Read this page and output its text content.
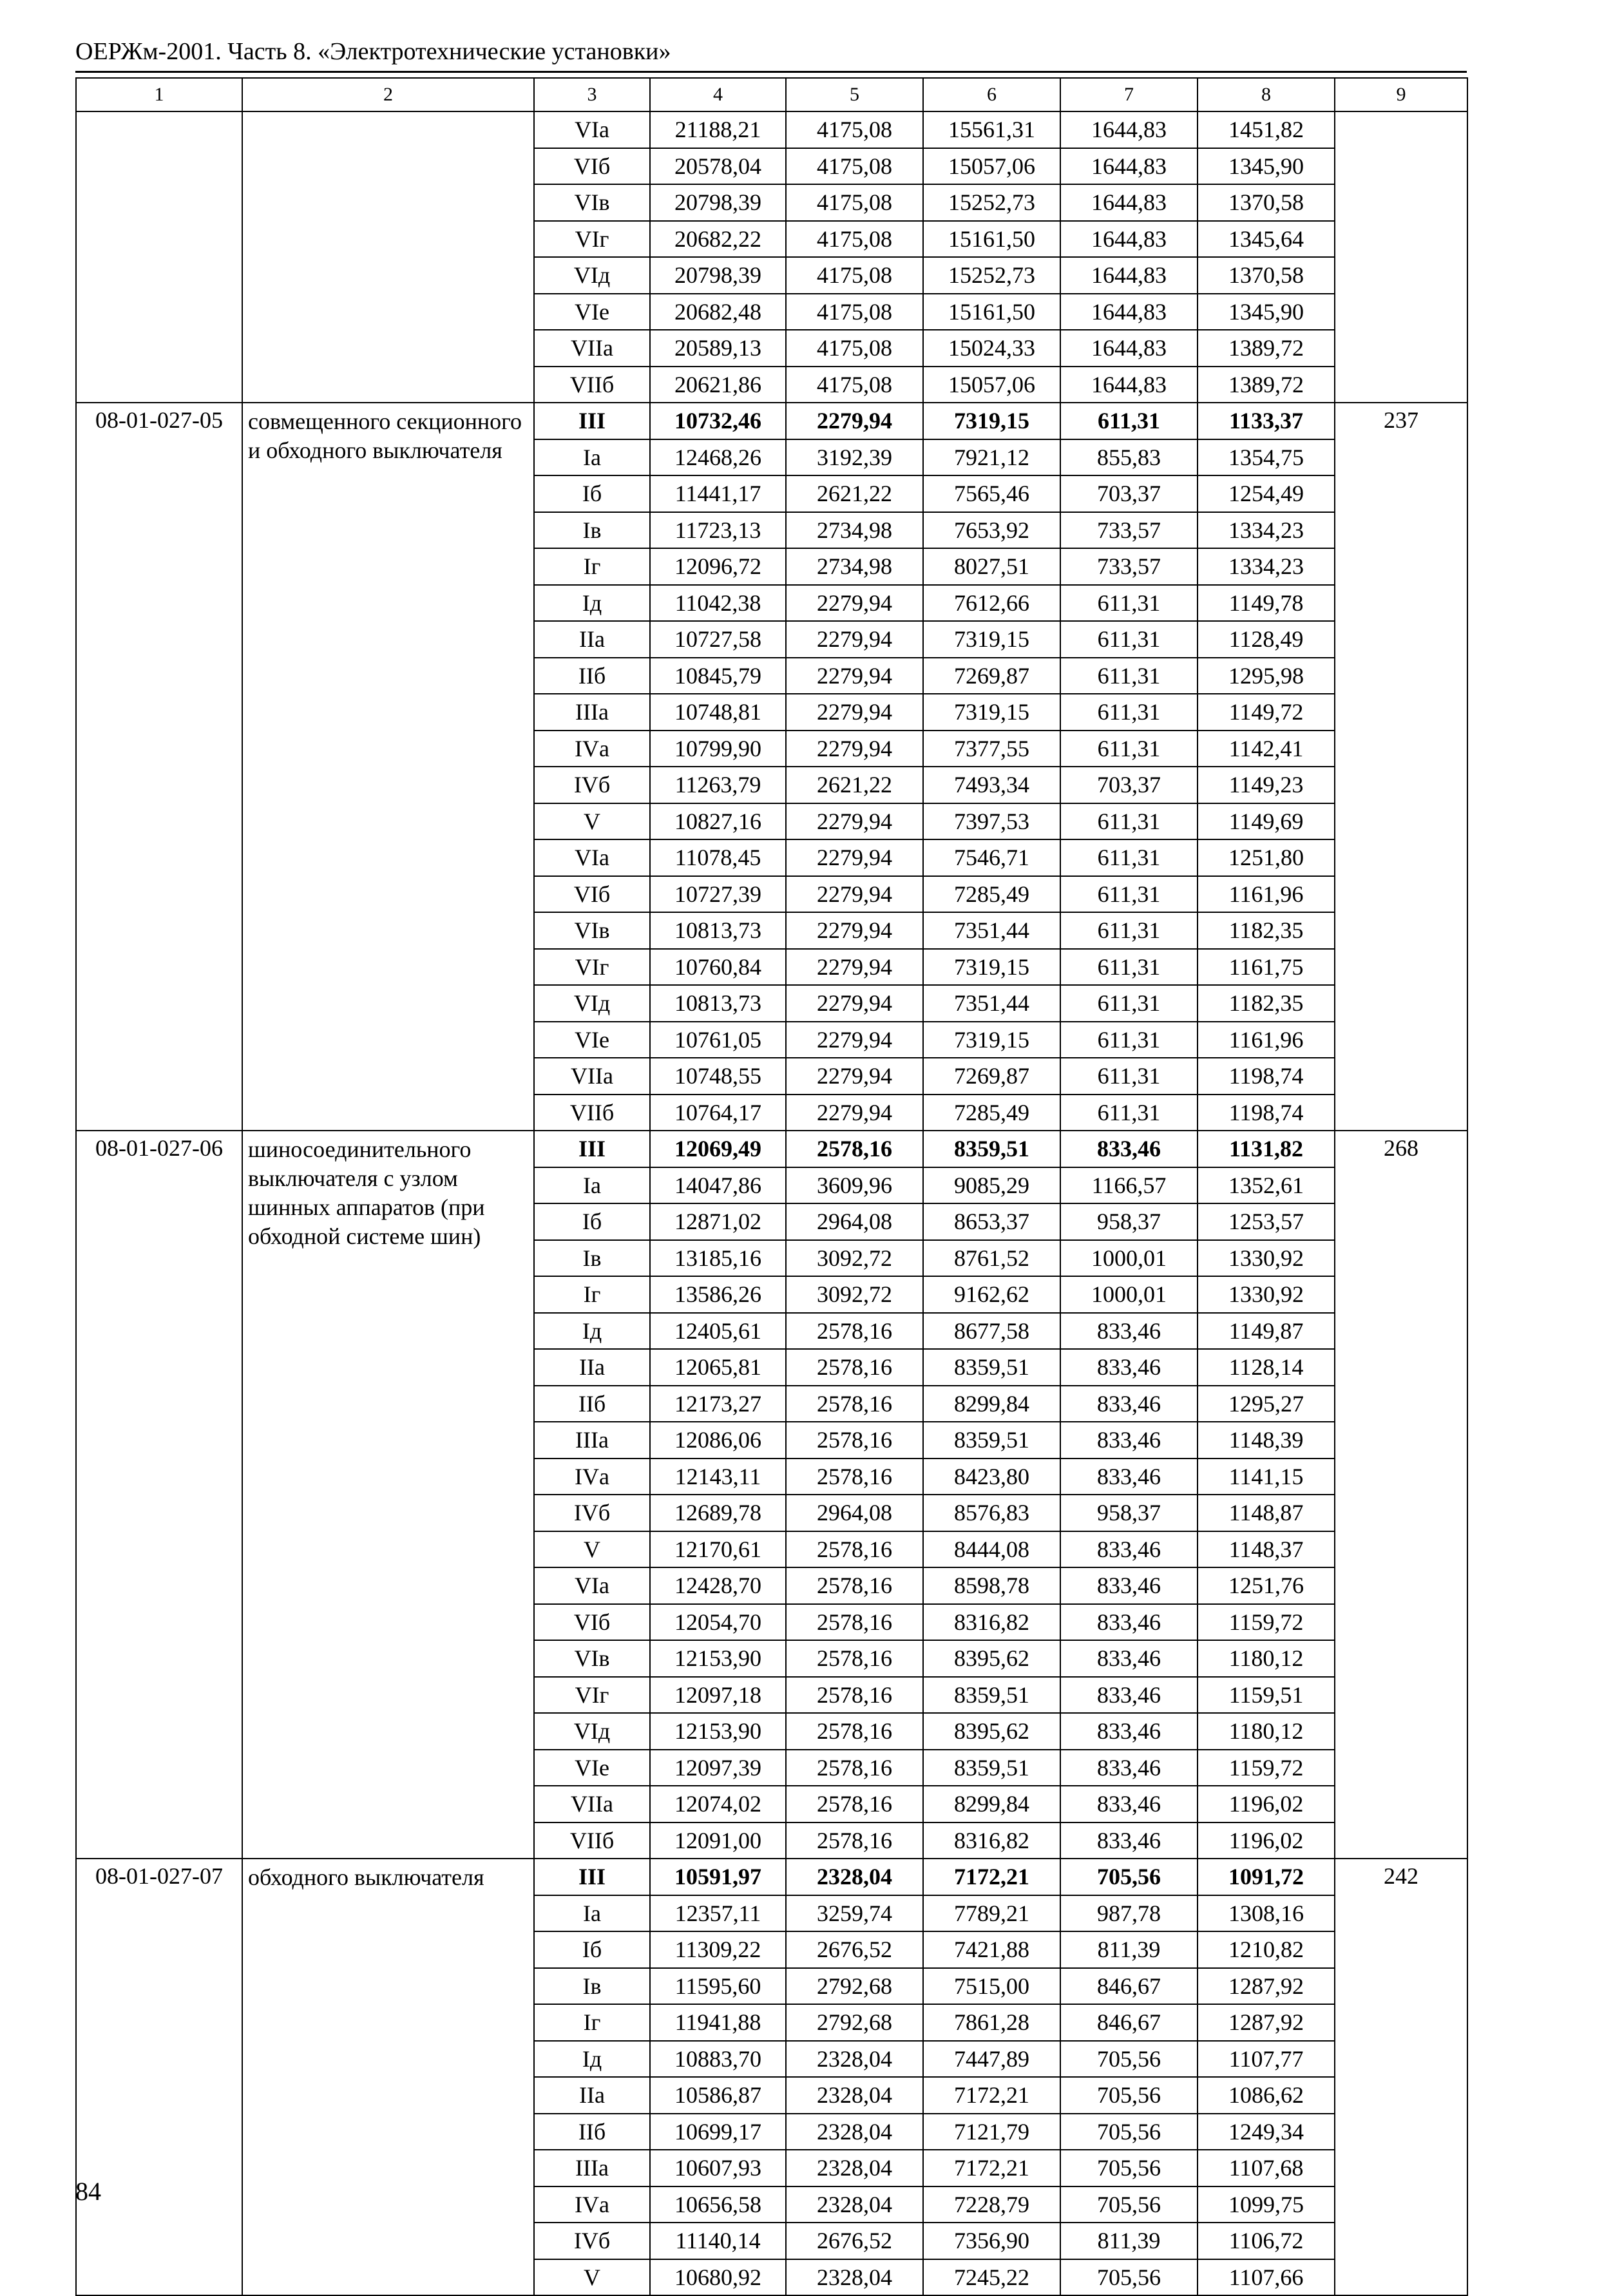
ОЕРЖм-2001. Часть 8. «Электротехнические установки»
1	2	3	4	5	6	7	8	9
		VIа	21188,21	4175,08	15561,31	1644,83	1451,82	
		VIб	20578,04	4175,08	15057,06	1644,83	1345,90	
		VIв	20798,39	4175,08	15252,73	1644,83	1370,58	
		VIг	20682,22	4175,08	15161,50	1644,83	1345,64	
		VIд	20798,39	4175,08	15252,73	1644,83	1370,58	
		VIе	20682,48	4175,08	15161,50	1644,83	1345,90	
		VIIа	20589,13	4175,08	15024,33	1644,83	1389,72	
		VIIб	20621,86	4175,08	15057,06	1644,83	1389,72	
08-01-027-05	совмещенного секционного и обходного выключателя	III	10732,46	2279,94	7319,15	611,31	1133,37	237
		Iа	12468,26	3192,39	7921,12	855,83	1354,75	
		Iб	11441,17	2621,22	7565,46	703,37	1254,49	
		Iв	11723,13	2734,98	7653,92	733,57	1334,23	
		Iг	12096,72	2734,98	8027,51	733,57	1334,23	
		Iд	11042,38	2279,94	7612,66	611,31	1149,78	
		IIа	10727,58	2279,94	7319,15	611,31	1128,49	
		IIб	10845,79	2279,94	7269,87	611,31	1295,98	
		IIIа	10748,81	2279,94	7319,15	611,31	1149,72	
		IVа	10799,90	2279,94	7377,55	611,31	1142,41	
		IVб	11263,79	2621,22	7493,34	703,37	1149,23	
		V	10827,16	2279,94	7397,53	611,31	1149,69	
		VIа	11078,45	2279,94	7546,71	611,31	1251,80	
		VIб	10727,39	2279,94	7285,49	611,31	1161,96	
		VIв	10813,73	2279,94	7351,44	611,31	1182,35	
		VIг	10760,84	2279,94	7319,15	611,31	1161,75	
		VIд	10813,73	2279,94	7351,44	611,31	1182,35	
		VIе	10761,05	2279,94	7319,15	611,31	1161,96	
		VIIа	10748,55	2279,94	7269,87	611,31	1198,74	
		VIIб	10764,17	2279,94	7285,49	611,31	1198,74	
08-01-027-06	шиносоединительного выключателя с узлом шинных аппаратов (при обходной системе шин)	III	12069,49	2578,16	8359,51	833,46	1131,82	268
		Iа	14047,86	3609,96	9085,29	1166,57	1352,61	
		Iб	12871,02	2964,08	8653,37	958,37	1253,57	
		Iв	13185,16	3092,72	8761,52	1000,01	1330,92	
		Iг	13586,26	3092,72	9162,62	1000,01	1330,92	
		Iд	12405,61	2578,16	8677,58	833,46	1149,87	
		IIа	12065,81	2578,16	8359,51	833,46	1128,14	
		IIб	12173,27	2578,16	8299,84	833,46	1295,27	
		IIIа	12086,06	2578,16	8359,51	833,46	1148,39	
		IVа	12143,11	2578,16	8423,80	833,46	1141,15	
		IVб	12689,78	2964,08	8576,83	958,37	1148,87	
		V	12170,61	2578,16	8444,08	833,46	1148,37	
		VIа	12428,70	2578,16	8598,78	833,46	1251,76	
		VIб	12054,70	2578,16	8316,82	833,46	1159,72	
		VIв	12153,90	2578,16	8395,62	833,46	1180,12	
		VIг	12097,18	2578,16	8359,51	833,46	1159,51	
		VIд	12153,90	2578,16	8395,62	833,46	1180,12	
		VIе	12097,39	2578,16	8359,51	833,46	1159,72	
		VIIа	12074,02	2578,16	8299,84	833,46	1196,02	
		VIIб	12091,00	2578,16	8316,82	833,46	1196,02	
08-01-027-07	обходного выключателя	III	10591,97	2328,04	7172,21	705,56	1091,72	242
		Iа	12357,11	3259,74	7789,21	987,78	1308,16	
		Iб	11309,22	2676,52	7421,88	811,39	1210,82	
		Iв	11595,60	2792,68	7515,00	846,67	1287,92	
		Iг	11941,88	2792,68	7861,28	846,67	1287,92	
		Iд	10883,70	2328,04	7447,89	705,56	1107,77	
		IIа	10586,87	2328,04	7172,21	705,56	1086,62	
		IIб	10699,17	2328,04	7121,79	705,56	1249,34	
		IIIа	10607,93	2328,04	7172,21	705,56	1107,68	
		IVа	10656,58	2328,04	7228,79	705,56	1099,75	
		IVб	11140,14	2676,52	7356,90	811,39	1106,72	
		V	10680,92	2328,04	7245,22	705,56	1107,66	
84
